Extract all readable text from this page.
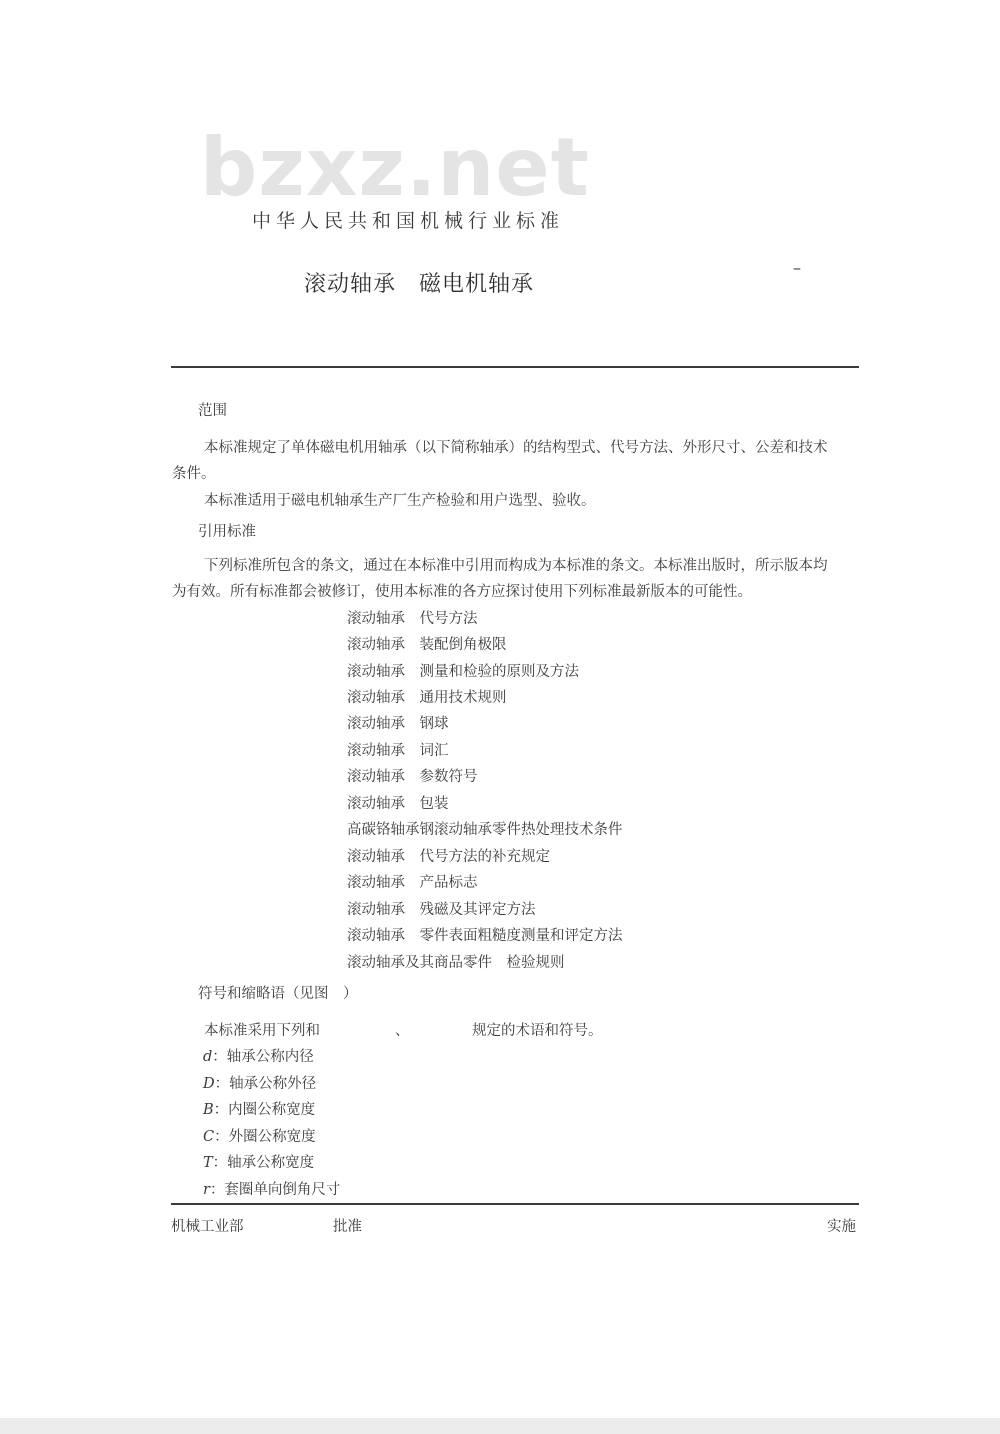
bzxz.net
中华人民共和国机械行业标准
滚动轴承　磁电机轴承
–
范围
本标准规定了单体磁电机用轴承（以下简称轴承）的结构型式、代号方法、外形尺寸、公差和技术
条件。
本标准适用于磁电机轴承生产厂生产检验和用户选型、验收。
引用标准
下列标准所包含的条文，通过在本标准中引用而构成为本标准的条文。本标准出版时，所示版本均
为有效。所有标准都会被修订，使用本标准的各方应探讨使用下列标准最新版本的可能性。
滚动轴承　代号方法
滚动轴承　装配倒角极限
滚动轴承　测量和检验的原则及方法
滚动轴承　通用技术规则
滚动轴承　钢球
滚动轴承　词汇
滚动轴承　参数符号
滚动轴承　包装
高碳铬轴承钢滚动轴承零件热处理技术条件
滚动轴承　代号方法的补充规定
滚动轴承　产品标志
滚动轴承　残磁及其评定方法
滚动轴承　零件表面粗糙度测量和评定方法
滚动轴承及其商品零件　检验规则
符号和缩略语（见图　）
本标准采用下列和	、	规定的术语和符号。
d：轴承公称内径
D：轴承公称外径
B：内圈公称宽度
C：外圈公称宽度
T：轴承公称宽度
r：套圈单向倒角尺寸
机械工业部	批准	实施
